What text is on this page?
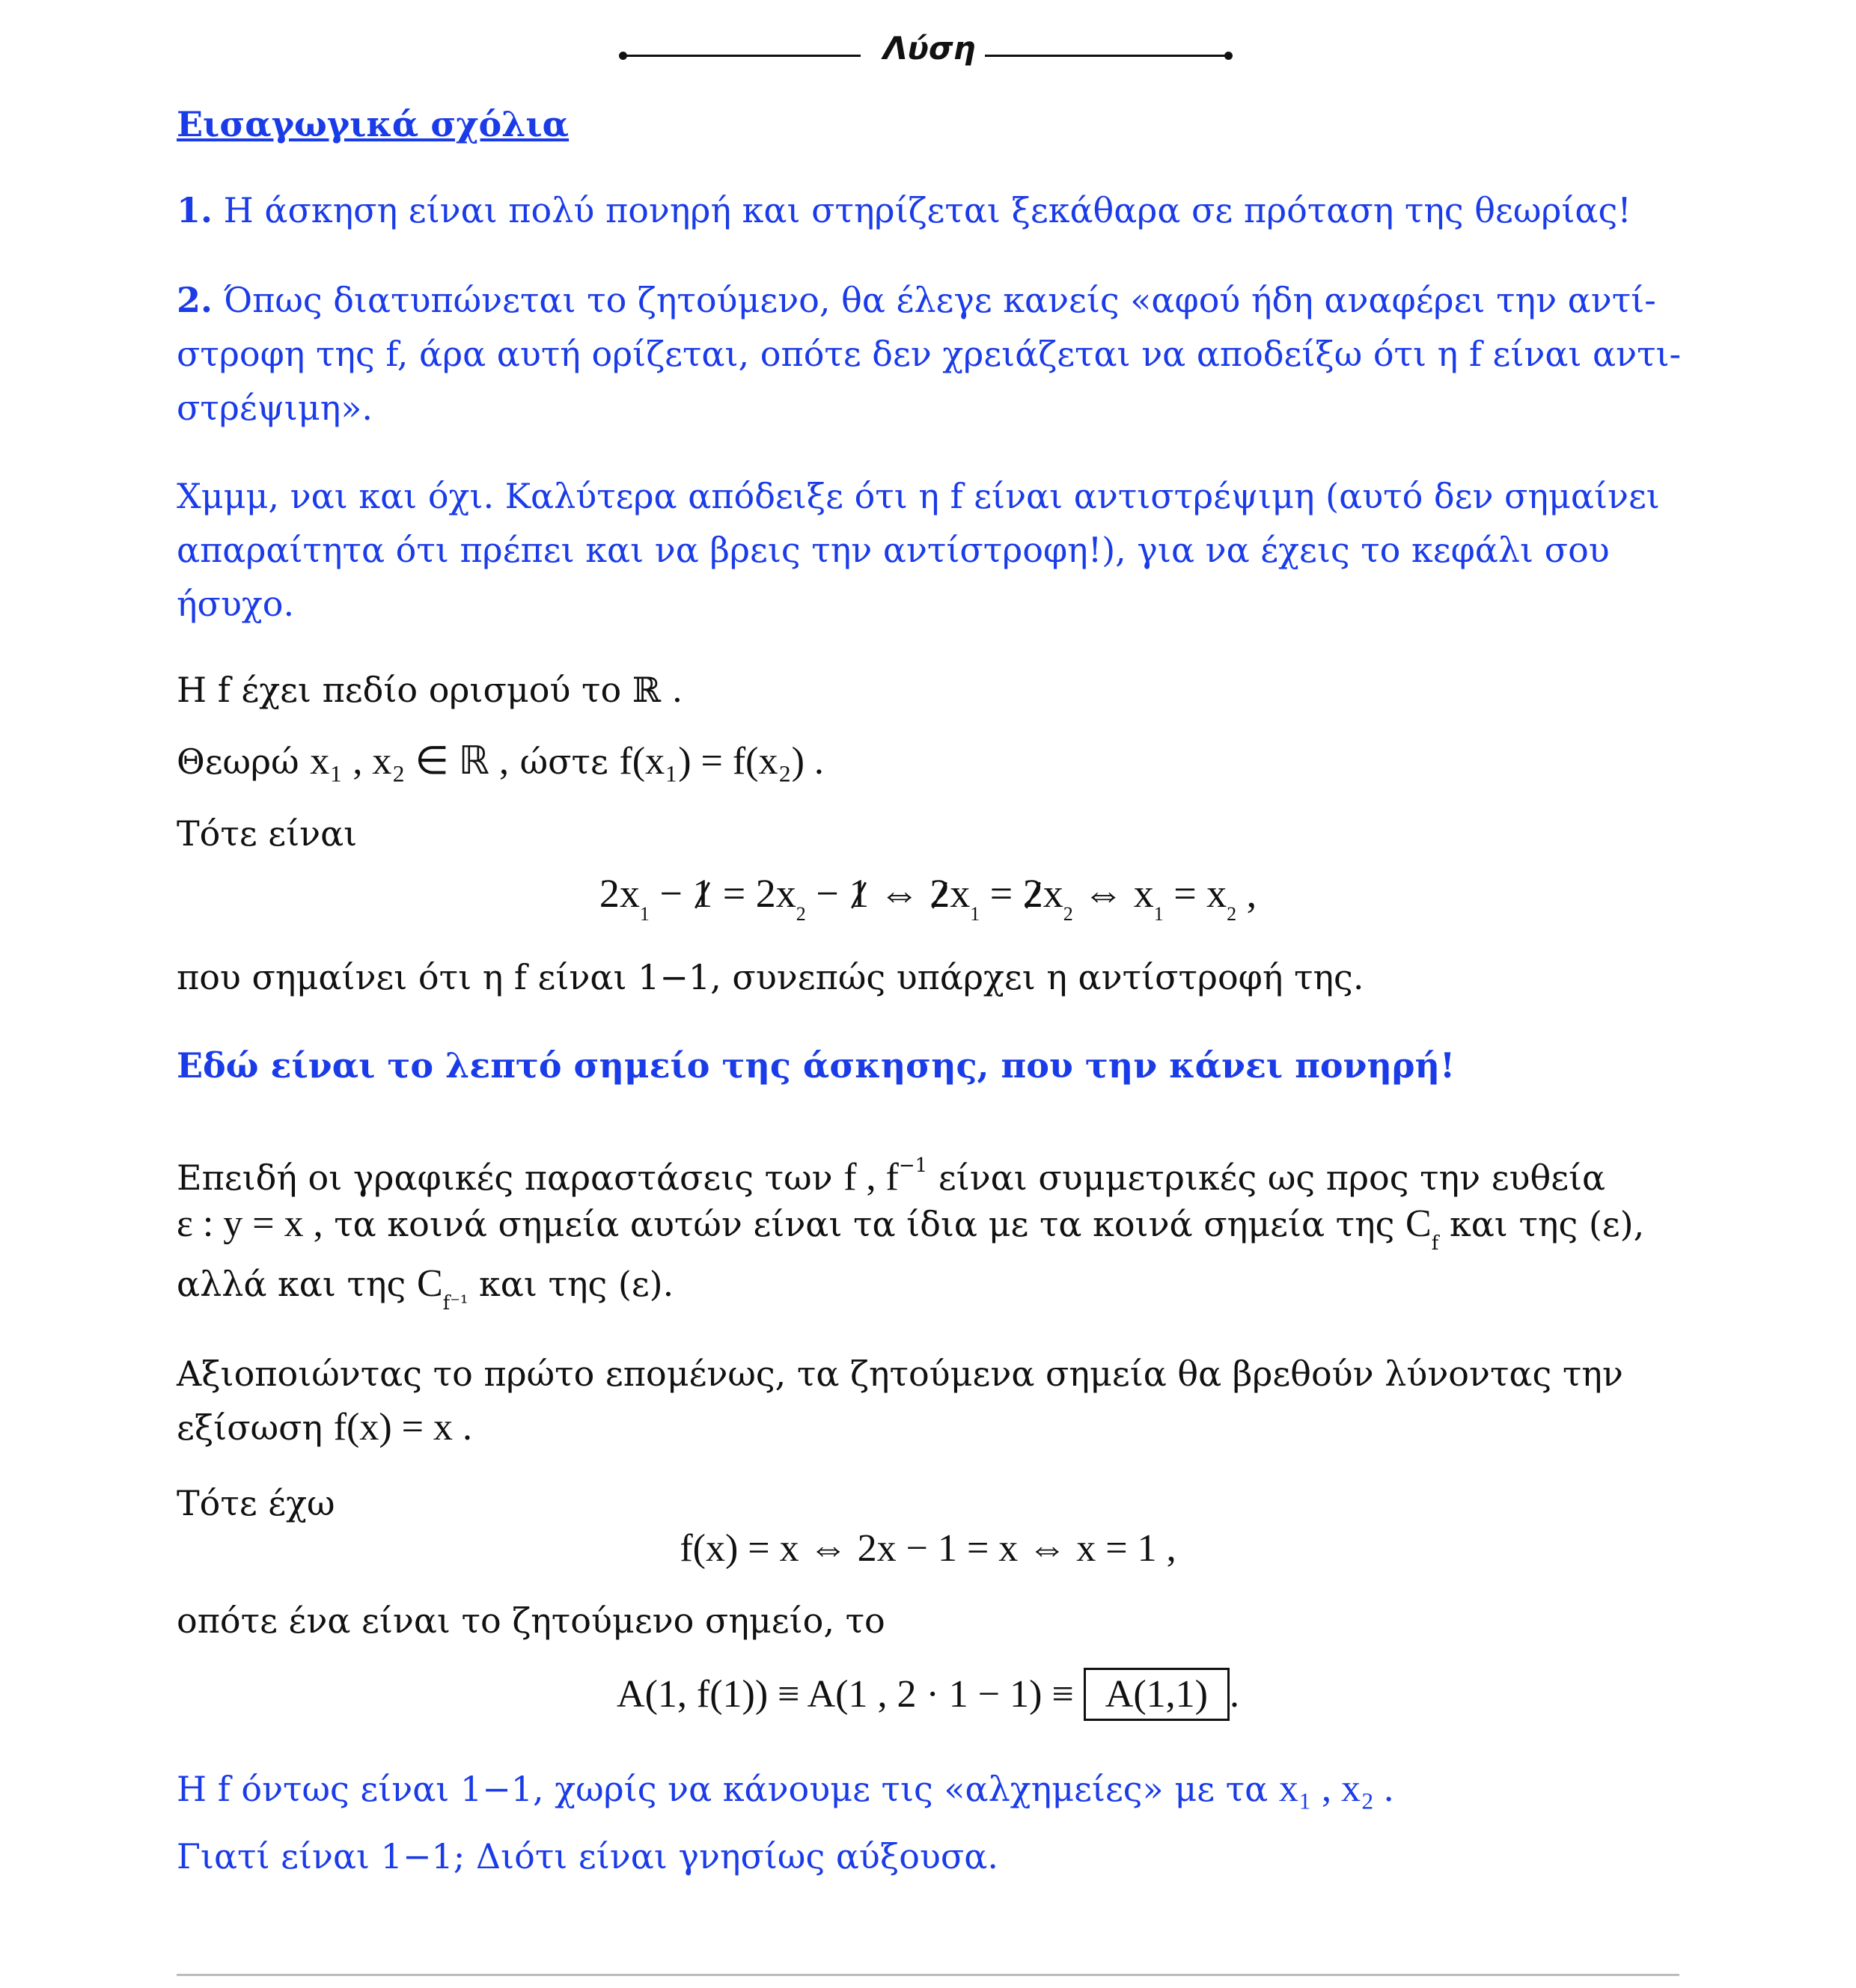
Λύση
Εισαγωγικά σχόλια
1. Η άσκηση είναι πολύ πονηρή και στηρίζεται ξεκάθαρα σε πρόταση της θεωρίας!
2. Όπως διατυπώνεται το ζητούμενο, θα έλεγε κανείς «αφού ήδη αναφέρει την αντί-
στροφη της f, άρα αυτή ορίζεται, οπότε δεν χρειάζεται να αποδείξω ότι η f είναι αντι-
στρέψιμη».
Χμμμ, ναι και όχι. Καλύτερα απόδειξε ότι η f είναι αντιστρέψιμη (αυτό δεν σημαίνει
απαραίτητα ότι πρέπει και να βρεις την αντίστροφη!), για να έχεις το κεφάλι σου
ήσυχο.
Η f έχει πεδίο ορισμού το ℝ .
Θεωρώ x₁ , x₂ ∈ ℝ , ώστε f(x₁) = f(x₂) .
Τότε είναι
$2x_1 - 1 = 2x_2 - 1$ ⇔ $2x_1 = 2x_2$ ⇔ $x_1 = x_2$ ,
που σημαίνει ότι η f είναι 1−1, συνεπώς υπάρχει η αντίστροφή της.
Εδώ είναι το λεπτό σημείο της άσκησης, που την κάνει πονηρή!
Επειδή οι γραφικές παραστάσεις των f , $f^{-1}$ είναι συμμετρικές ως προς την ευθεία
ε : y = x , τα κοινά σημεία αυτών είναι τα ίδια με τα κοινά σημεία της $C_f$ και της (ε),
αλλά και της $C_{f^{-1}}$ και της (ε).
Αξιοποιώντας το πρώτο επομένως, τα ζητούμενα σημεία θα βρεθούν λύνοντας την
εξίσωση f(x) = x .
Τότε έχω
f(x) = x ⇔ 2x − 1 = x ⇔ x = 1 ,
οπότε ένα είναι το ζητούμενο σημείο, το
A(1, f(1)) ≡ A(1 , 2 · 1 − 1) ≡ A(1,1) .
Η f όντως είναι 1−1, χωρίς να κάνουμε τις «αλχημείες» με τα x₁ , x₂ .
Γιατί είναι 1−1; Διότι είναι γνησίως αύξουσα.
